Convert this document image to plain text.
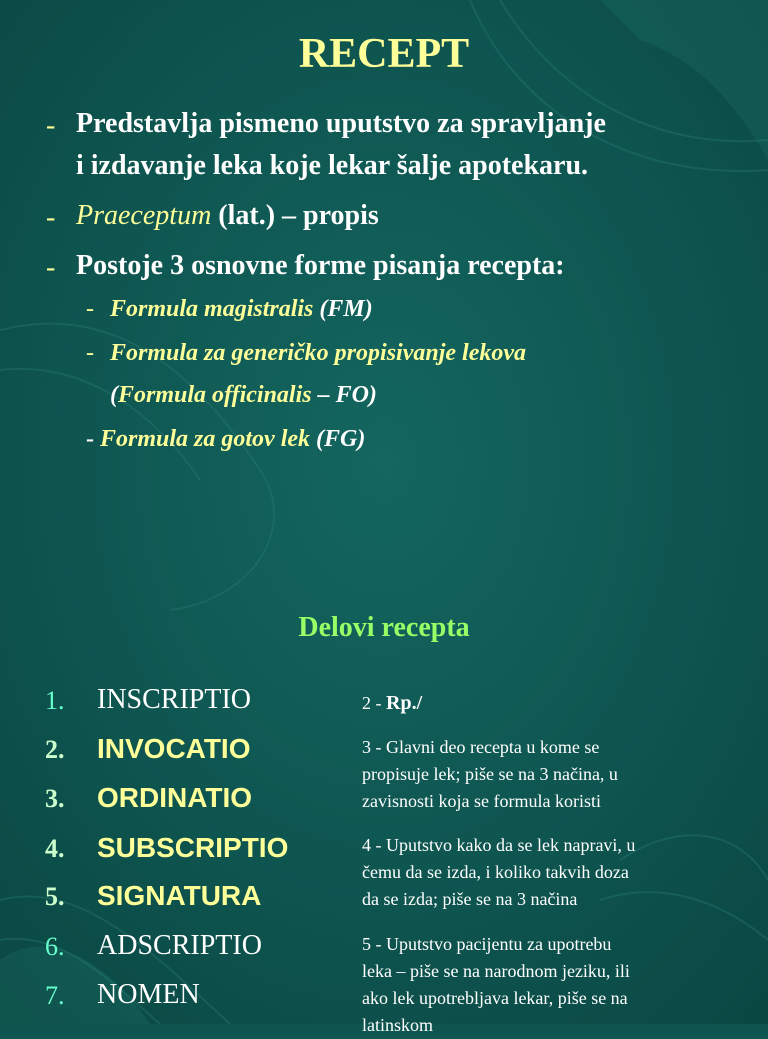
RECEPT
- Predstavlja pismeno uputstvo za spravljanje
i izdavanje leka koje lekar šalje apotekaru.
- Praeceptum (lat.) – propis
- Postoje 3 osnovne forme pisanja recepta:
- Formula magistralis (FM)
- Formula za generičko propisivanje lekova
(Formula officinalis – FO)
- Formula za gotov lek (FG)
Delovi recepta
1.	INSCRIPTIO
2.	INVOCATIO
3.	ORDINATIO
4.	SUBSCRIPTIO
5.	SIGNATURA
6.	ADSCRIPTIO
7.	NOMEN
2 - Rp./
3 - Glavni deo recepta u kome se
propisuje lek; piše se na 3 načina, u
zavisnosti koja se formula koristi
4 - Uputstvo kako da se lek napravi, u
čemu da se izda, i koliko takvih doza
da se izda; piše se na 3 načina
5 - Uputstvo pacijentu za upotrebu
leka – piše se na narodnom jeziku, ili
ako lek upotrebljava lekar, piše se na
latinskom
